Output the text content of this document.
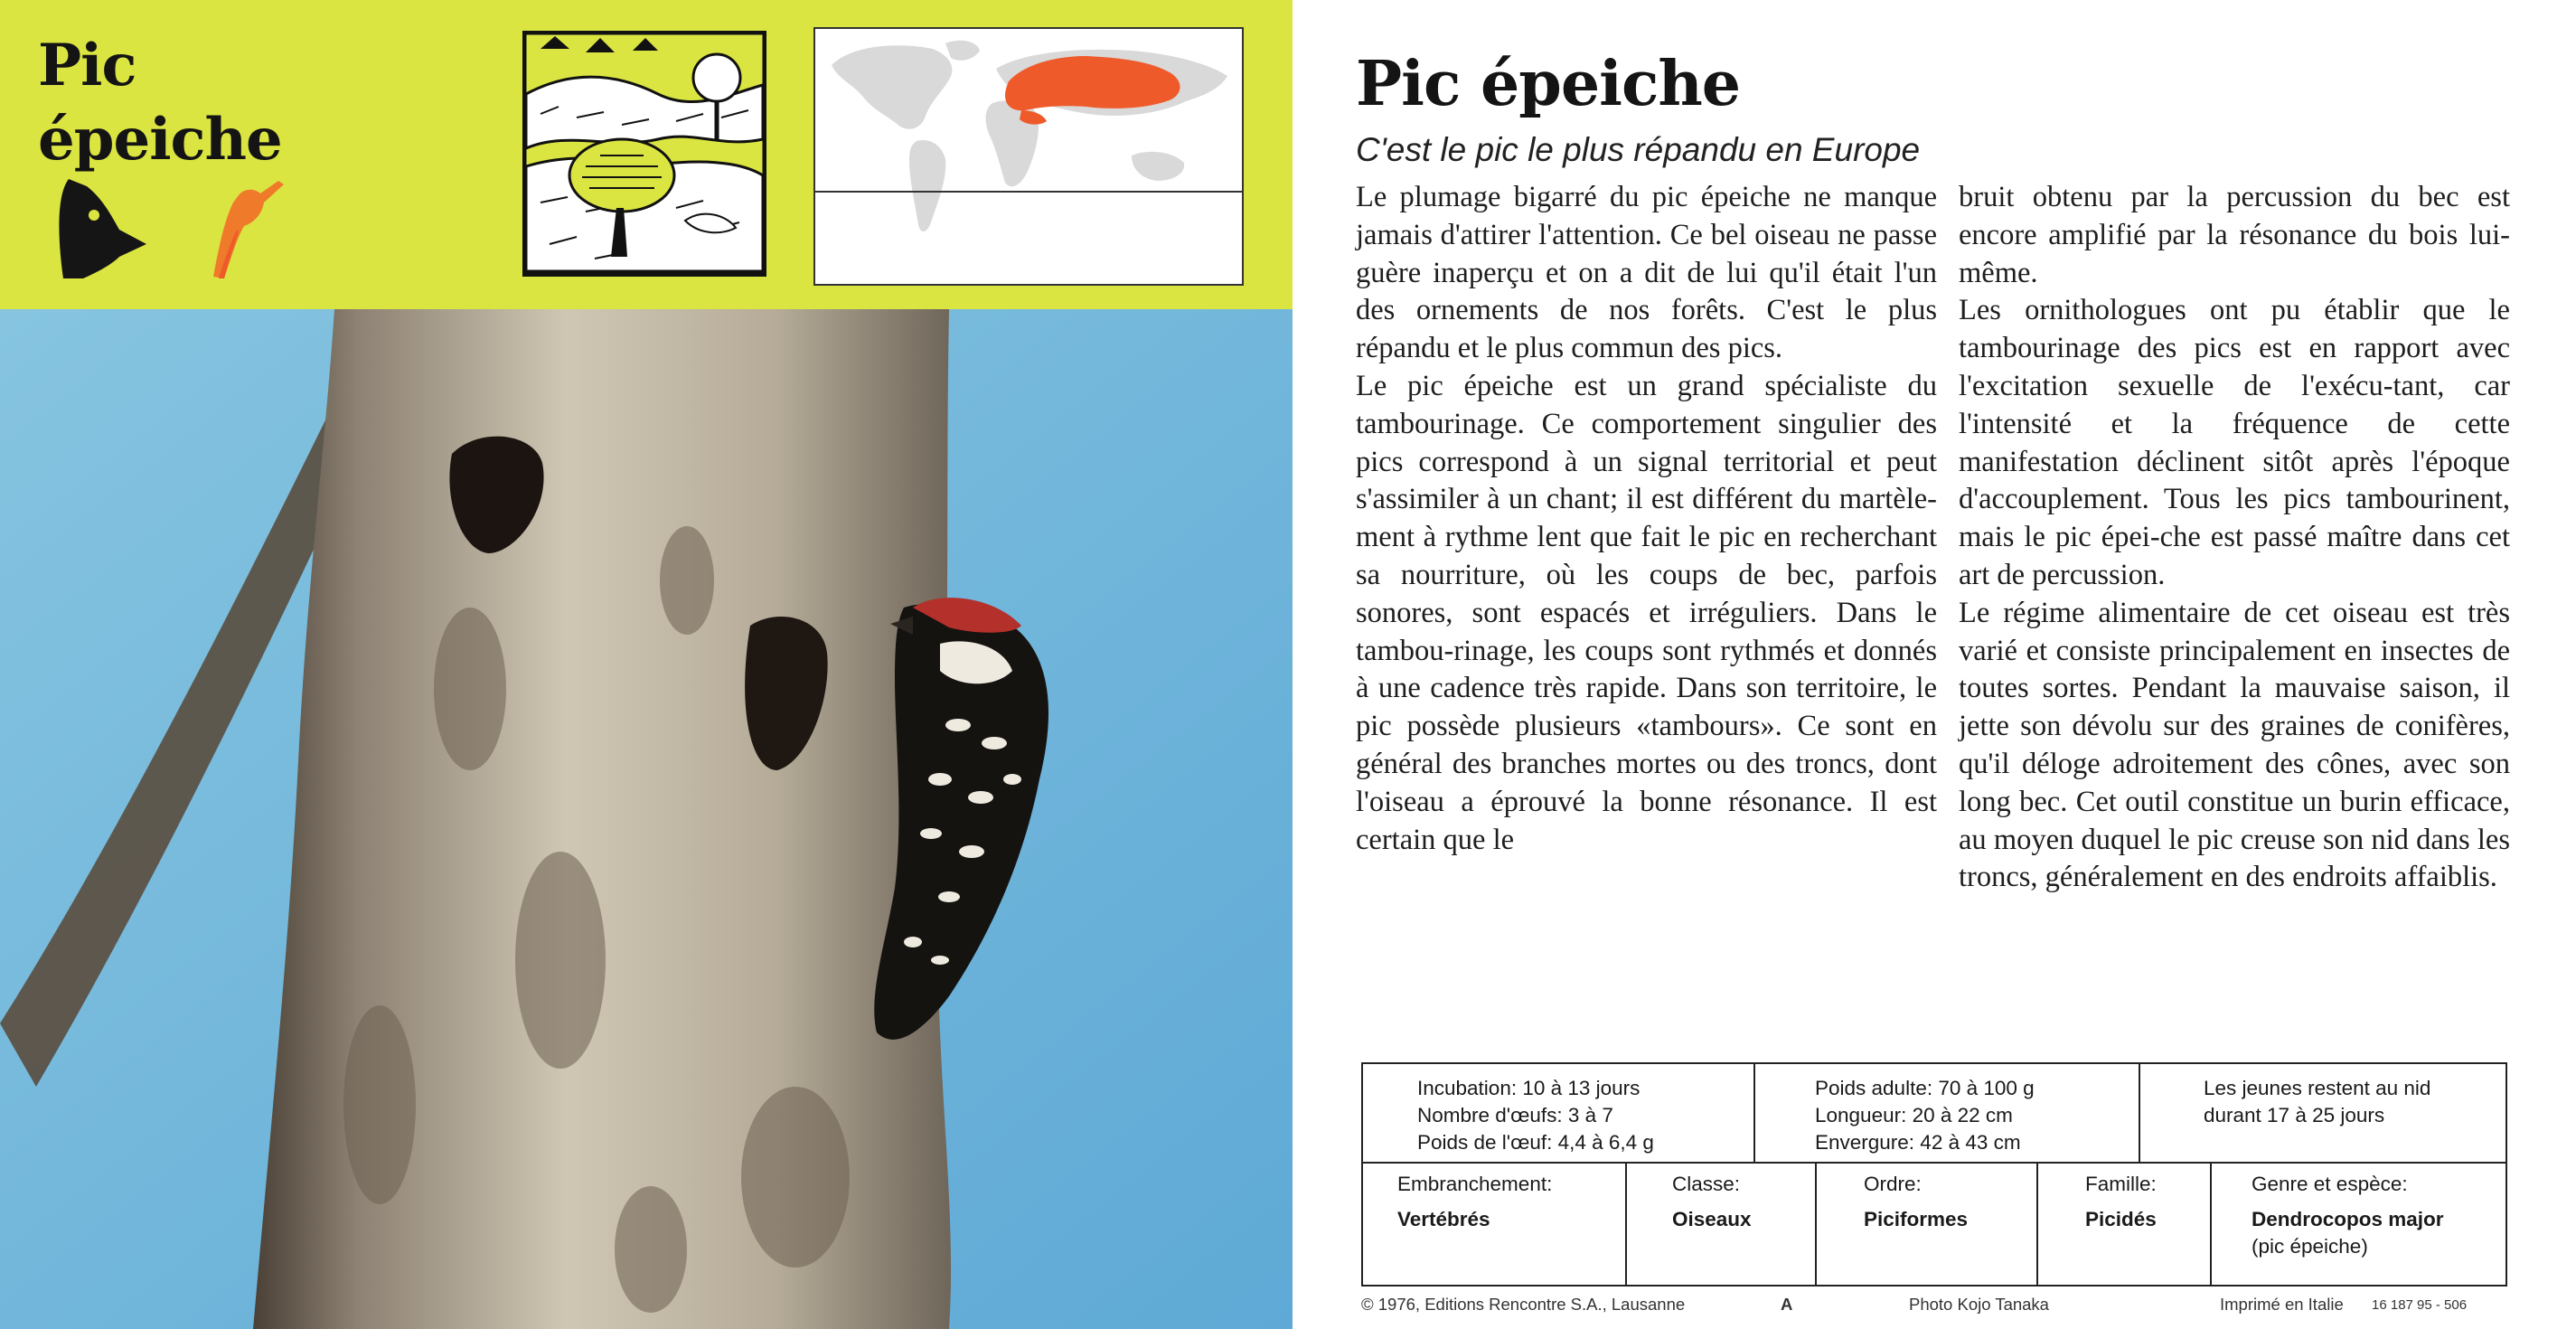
Pic
épeiche
Pic épeiche

C'est le pic le plus répandu en Europe

Le plumage bigarré du pic épeiche ne manque jamais d'attirer l'attention. Ce bel oiseau ne passe guère inaperçu et on a dit de lui qu'il était l'un des ornements de nos forêts. C'est le plus répandu et le plus commun des pics.

Le pic épeiche est un grand spécialiste du tambourinage. Ce comportement singulier des pics correspond à un signal territorial et peut s'assimiler à un chant; il est différent du martèle-ment à rythme lent que fait le pic en recherchant sa nourriture, où les coups de bec, parfois sonores, sont espacés et irréguliers. Dans le tambou-rinage, les coups sont rythmés et donnés à une cadence très rapide. Dans son territoire, le pic possède plusieurs «tambours». Ce sont en général des branches mortes ou des troncs, dont l'oiseau a éprouvé la bonne résonance. Il est certain que le

bruit obtenu par la percussion du bec est encore amplifié par la résonance du bois lui-même.

Les ornithologues ont pu établir que le tambourinage des pics est en rapport avec l'excitation sexuelle de l'exécu-tant, car l'intensité et la fréquence de cette manifestation déclinent sitôt après l'époque d'accouplement. Tous les pics tambourinent, mais le pic épei-che est passé maître dans cet art de percussion.

Le régime alimentaire de cet oiseau est très varié et consiste principalement en insectes de toutes sortes. Pendant la mauvaise saison, il jette son dévolu sur des graines de conifères, qu'il déloge adroitement des cônes, avec son long bec. Cet outil constitue un burin efficace, au moyen duquel le pic creuse son nid dans les troncs, généralement en des endroits affaiblis.

Incubation: 10 à 13 jours
Nombre d'œufs: 3 à 7
Poids de l'œuf: 4,4 à 6,4 g
Poids adulte: 70 à 100 g
Longueur: 20 à 22 cm
Envergure: 42 à 43 cm
Les jeunes restent au nid
durant 17 à 25 jours
Embranchement:
Vertébrés
Classe:
Oiseaux
Ordre:
Piciformes
Famille:
Picidés
Genre et espèce:
Dendrocopos major
(pic épeiche)
© 1976, Editions Rencontre S.A., Lausanne	A	Photo Kojo Tanaka	Imprimé en Italie 16 187 95 - 506
